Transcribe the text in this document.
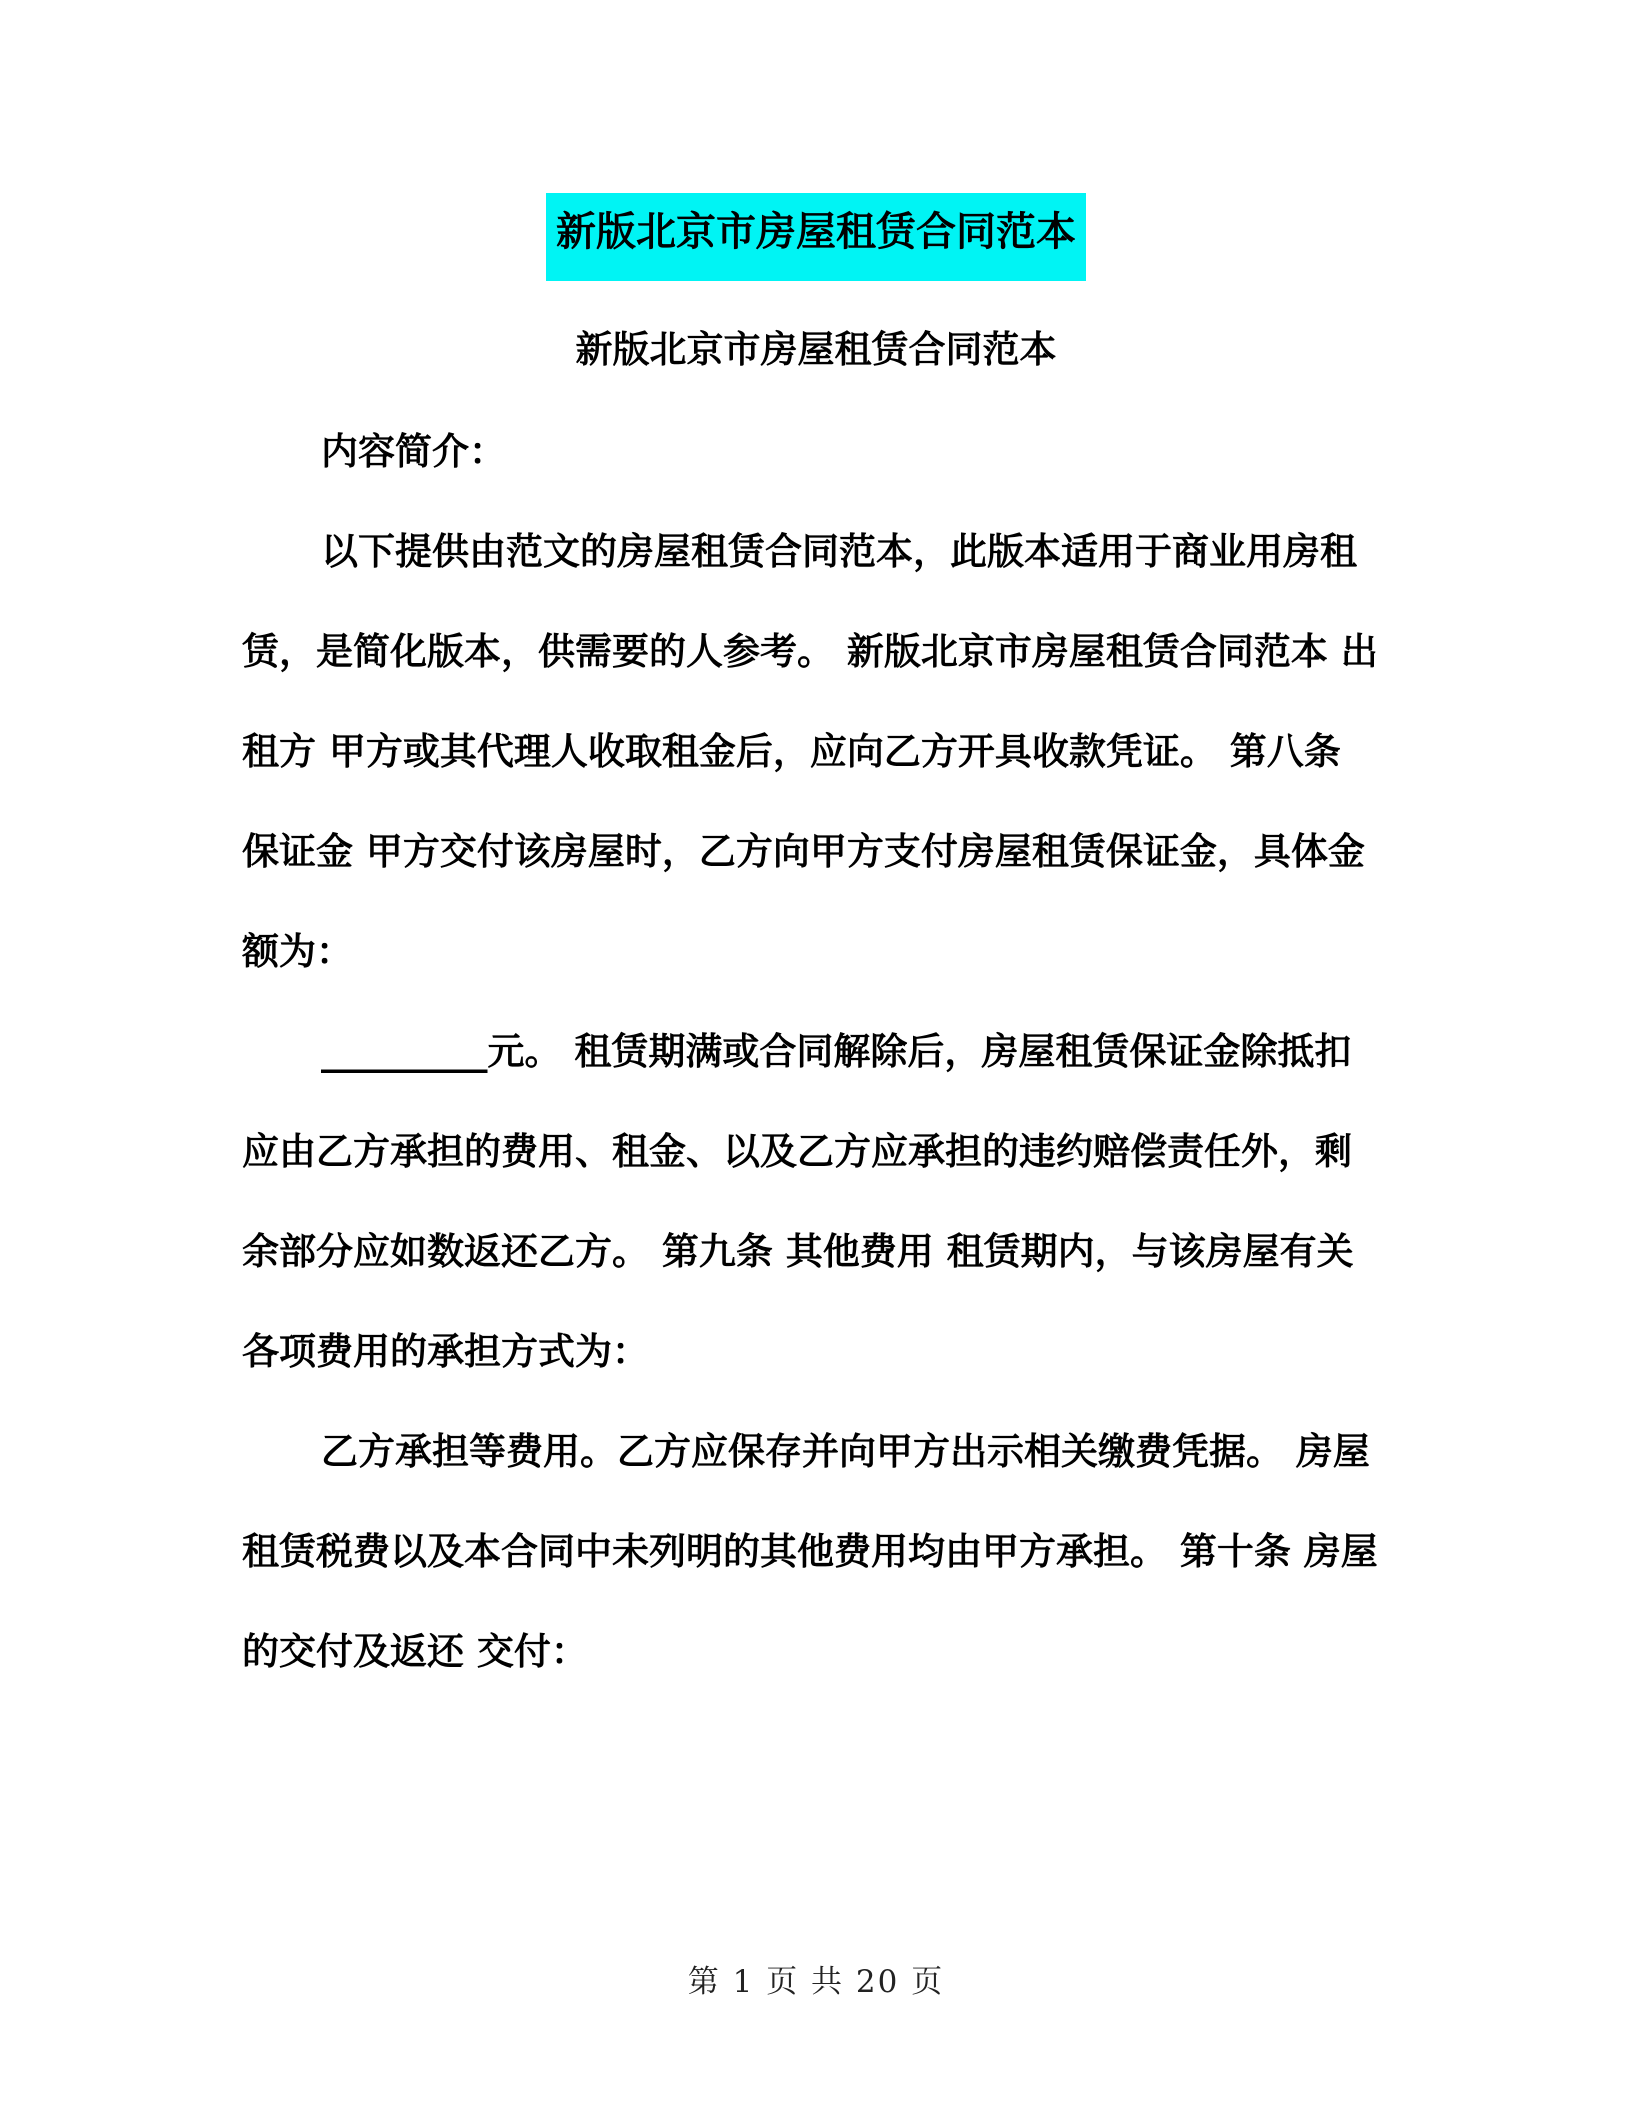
新版北京市房屋租赁合同范本
新版北京市房屋租赁合同范本
内容简介：
以下提供由范文的房屋租赁合同范本，此版本适用于商业用房租
赁，是简化版本，供需要的人参考。 新版北京市房屋租赁合同范本 出
租方 甲方或其代理人收取租金后，应向乙方开具收款凭证。 第八条
保证金 甲方交付该房屋时，乙方向甲方支付房屋租赁保证金，具体金
额为：
_________元。 租赁期满或合同解除后，房屋租赁保证金除抵扣
应由乙方承担的费用、租金、以及乙方应承担的违约赔偿责任外，剩
余部分应如数返还乙方。 第九条 其他费用 租赁期内，与该房屋有关
各项费用的承担方式为：
乙方承担等费用。乙方应保存并向甲方出示相关缴费凭据。 房屋
租赁税费以及本合同中未列明的其他费用均由甲方承担。 第十条 房屋
的交付及返还 交付：
第 1 页 共 20 页
